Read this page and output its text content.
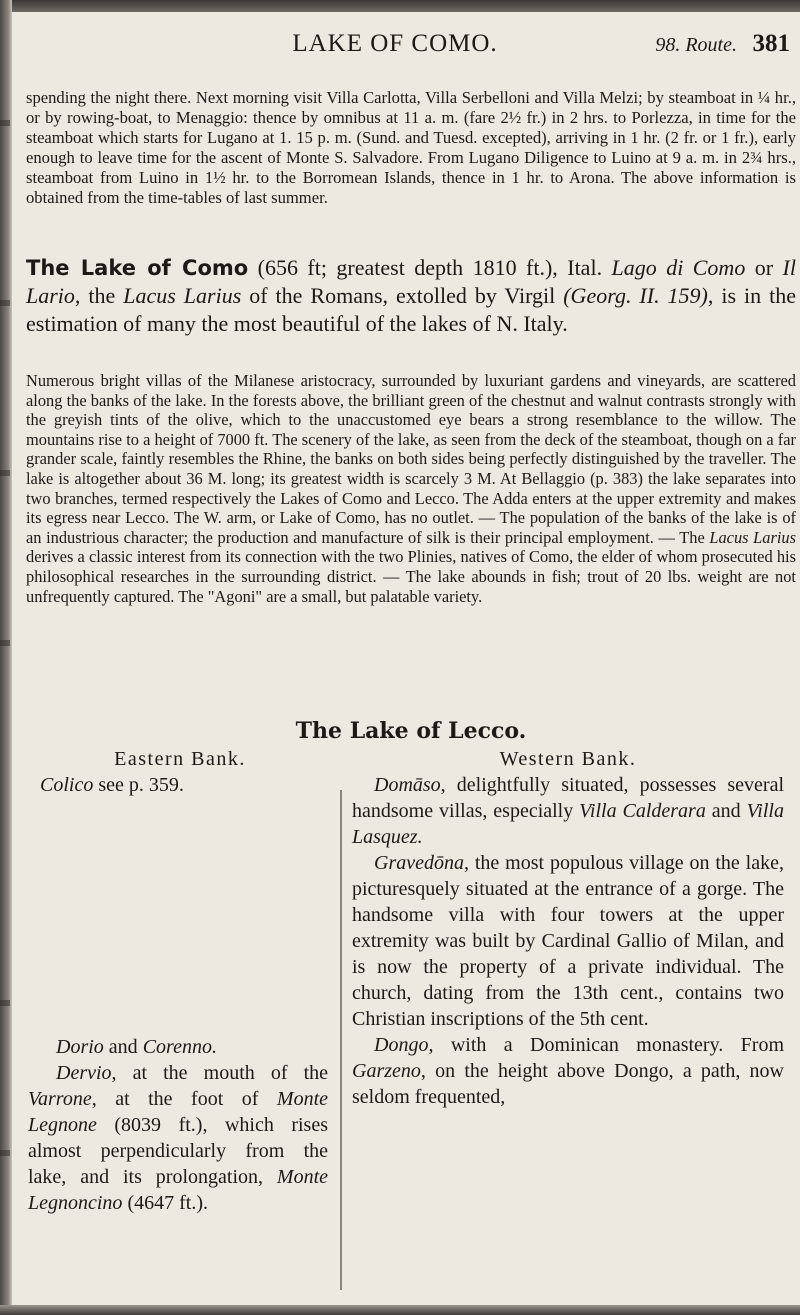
LAKE OF COMO.	98. Route. 381

spending the night there. Next morning visit Villa Carlotta, Villa Serbelloni and Villa Melzi; by steamboat in ¼ hr., or by rowing-boat, to Menaggio: thence by omnibus at 11 a. m. (fare 2½ fr.) in 2 hrs. to Porlezza, in time for the steamboat which starts for Lugano at 1. 15 p. m. (Sund. and Tuesd. excepted), arriving in 1 hr. (2 fr. or 1 fr.), early enough to leave time for the ascent of Monte S. Salvadore. From Lugano Diligence to Luino at 9 a. m. in 2¾ hrs., steamboat from Luino in 1½ hr. to the Borromean Islands, thence in 1 hr. to Arona. The above information is obtained from the time-tables of last summer.

The Lake of Como (656 ft; greatest depth 1810 ft.), Ital. Lago di Como or Il Lario, the Lacus Larius of the Romans, extolled by Virgil (Georg. II. 159), is in the estimation of many the most beautiful of the lakes of N. Italy.

Numerous bright villas of the Milanese aristocracy, surrounded by luxuriant gardens and vineyards, are scattered along the banks of the lake. In the forests above, the brilliant green of the chestnut and walnut contrasts strongly with the greyish tints of the olive, which to the unaccustomed eye bears a strong resemblance to the willow. The mountains rise to a height of 7000 ft. The scenery of the lake, as seen from the deck of the steamboat, though on a far grander scale, faintly resembles the Rhine, the banks on both sides being perfectly distinguished by the traveller. The lake is altogether about 36 M. long; its greatest width is scarcely 3 M. At Bellaggio (p. 383) the lake separates into two branches, termed respectively the Lakes of Como and Lecco. The Adda enters at the upper extremity and makes its egress near Lecco. The W. arm, or Lake of Como, has no outlet. — The population of the banks of the lake is of an industrious character; the production and manufacture of silk is their principal employment. — The Lacus Larius derives a classic interest from its connection with the two Plinies, natives of Como, the elder of whom prosecuted his philosophical researches in the surrounding district. — The lake abounds in fish; trout of 20 lbs. weight are not unfrequently captured. The "Agoni" are a small, but palatable variety.

The Lake of Lecco.

Eastern Bank.

Colico see p. 359.

Dorio and Corenno.

Dervio, at the mouth of the Varrone, at the foot of Monte Legnone (8039 ft.), which rises almost perpendicularly from the lake, and its prolongation, Monte Legnoncino (4647 ft.).

Western Bank.

Domāso, delightfully situated, possesses several handsome villas, especially Villa Calderara and Villa Lasquez.

Gravedōna, the most populous village on the lake, picturesquely situated at the entrance of a gorge. The handsome villa with four towers at the upper extremity was built by Cardinal Gallio of Milan, and is now the property of a private individual. The church, dating from the 13th cent., contains two Christian inscriptions of the 5th cent.

Dongo, with a Dominican monastery. From Garzeno, on the height above Dongo, a path, now seldom frequented,
